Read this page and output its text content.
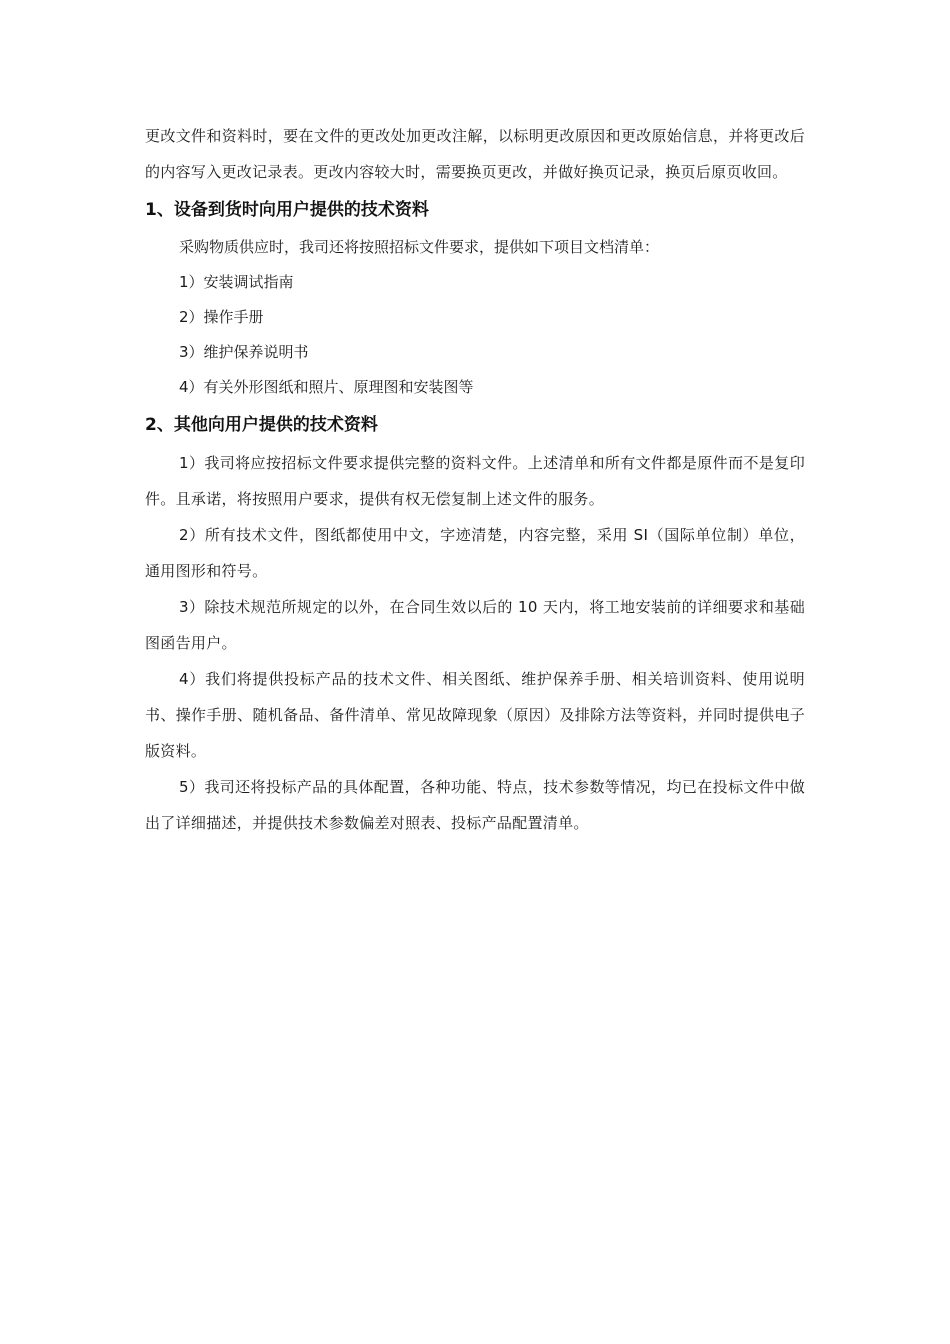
更改文件和资料时，要在文件的更改处加更改注解，以标明更改原因和更改原始信息，并将更改后的内容写入更改记录表。更改内容较大时，需要换页更改，并做好换页记录，换页后原页收回。

1、设备到货时向用户提供的技术资料

采购物质供应时，我司还将按照招标文件要求，提供如下项目文档清单：

1）安装调试指南

2）操作手册

3）维护保养说明书

4）有关外形图纸和照片、原理图和安装图等

2、其他向用户提供的技术资料

1）我司将应按招标文件要求提供完整的资料文件。上述清单和所有文件都是原件而不是复印件。且承诺，将按照用户要求，提供有权无偿复制上述文件的服务。

2）所有技术文件，图纸都使用中文，字迹清楚，内容完整，采用 SI（国际单位制）单位，通用图形和符号。

3）除技术规范所规定的以外，在合同生效以后的 10 天内，将工地安装前的详细要求和基础图函告用户。

4）我们将提供投标产品的技术文件、相关图纸、维护保养手册、相关培训资料、使用说明书、操作手册、随机备品、备件清单、常见故障现象（原因）及排除方法等资料，并同时提供电子版资料。

5）我司还将投标产品的具体配置，各种功能、特点，技术参数等情况，均已在投标文件中做出了详细描述，并提供技术参数偏差对照表、投标产品配置清单。
